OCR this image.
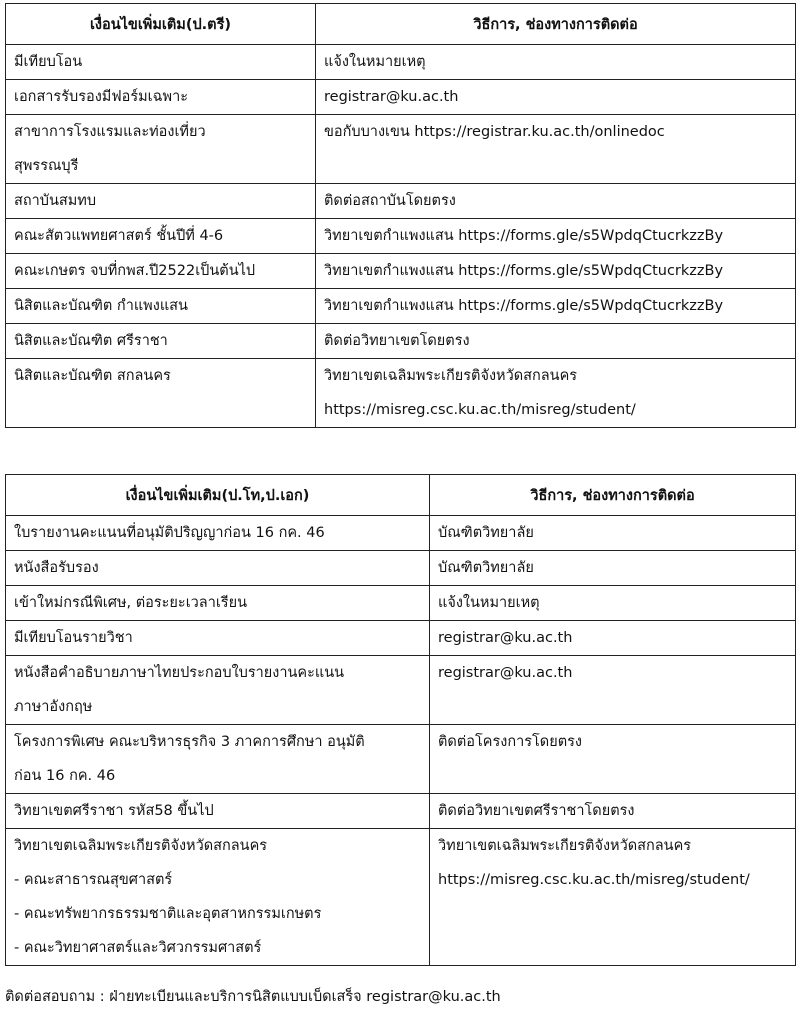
เงื่อนไขเพิ่มเติม(ป.ตรี)	วิธีการ, ช่องทางการติดต่อ

มีเทียบโอน	แจ้งในหมายเหตุ

เอกสารรับรองมีฟอร์มเฉพาะ	registrar@ku.ac.th

สาขาการโรงแรมและท่องเที่ยว
สุพรรณบุรี	ขอกับบางเขน https://registrar.ku.ac.th/onlinedoc

สถาบันสมทบ	ติดต่อสถาบันโดยตรง

คณะสัตวแพทยศาสตร์ ชั้นปีที่ 4-6	วิทยาเขตกำแพงแสน https://forms.gle/s5WpdqCtucrkzzBy

คณะเกษตร จบที่กพส.ปี2522เป็นต้นไป	วิทยาเขตกำแพงแสน https://forms.gle/s5WpdqCtucrkzzBy

นิสิตและบัณฑิต กำแพงแสน	วิทยาเขตกำแพงแสน https://forms.gle/s5WpdqCtucrkzzBy

นิสิตและบัณฑิต ศรีราชา	ติดต่อวิทยาเขตโดยตรง

นิสิตและบัณฑิต สกลนคร	วิทยาเขตเฉลิมพระเกียรติจังหวัดสกลนคร
https://misreg.csc.ku.ac.th/misreg/student/
เงื่อนไขเพิ่มเติม(ป.โท,ป.เอก)	วิธีการ, ช่องทางการติดต่อ

ใบรายงานคะแนนที่อนุมัติปริญญาก่อน 16 กค. 46	บัณฑิตวิทยาลัย

หนังสือรับรอง	บัณฑิตวิทยาลัย

เข้าใหม่กรณีพิเศษ, ต่อระยะเวลาเรียน	แจ้งในหมายเหตุ

มีเทียบโอนรายวิชา	registrar@ku.ac.th

หนังสือคำอธิบายภาษาไทยประกอบใบรายงานคะแนน
ภาษาอังกฤษ	registrar@ku.ac.th

โครงการพิเศษ คณะบริหารธุรกิจ 3 ภาคการศึกษา อนุมัติ
ก่อน 16 กค. 46	ติดต่อโครงการโดยตรง

วิทยาเขตศรีราชา รหัส58 ขึ้นไป	ติดต่อวิทยาเขตศรีราชาโดยตรง

วิทยาเขตเฉลิมพระเกียรติจังหวัดสกลนคร
- คณะสาธารณสุขศาสตร์
- คณะทรัพยากรธรรมชาติและอุตสาหกรรมเกษตร
- คณะวิทยาศาสตร์และวิศวกรรมศาสตร์	วิทยาเขตเฉลิมพระเกียรติจังหวัดสกลนคร
https://misreg.csc.ku.ac.th/misreg/student/
ติดต่อสอบถาม : ฝ่ายทะเบียนและบริการนิสิตแบบเบ็ดเสร็จ registrar@ku.ac.th
